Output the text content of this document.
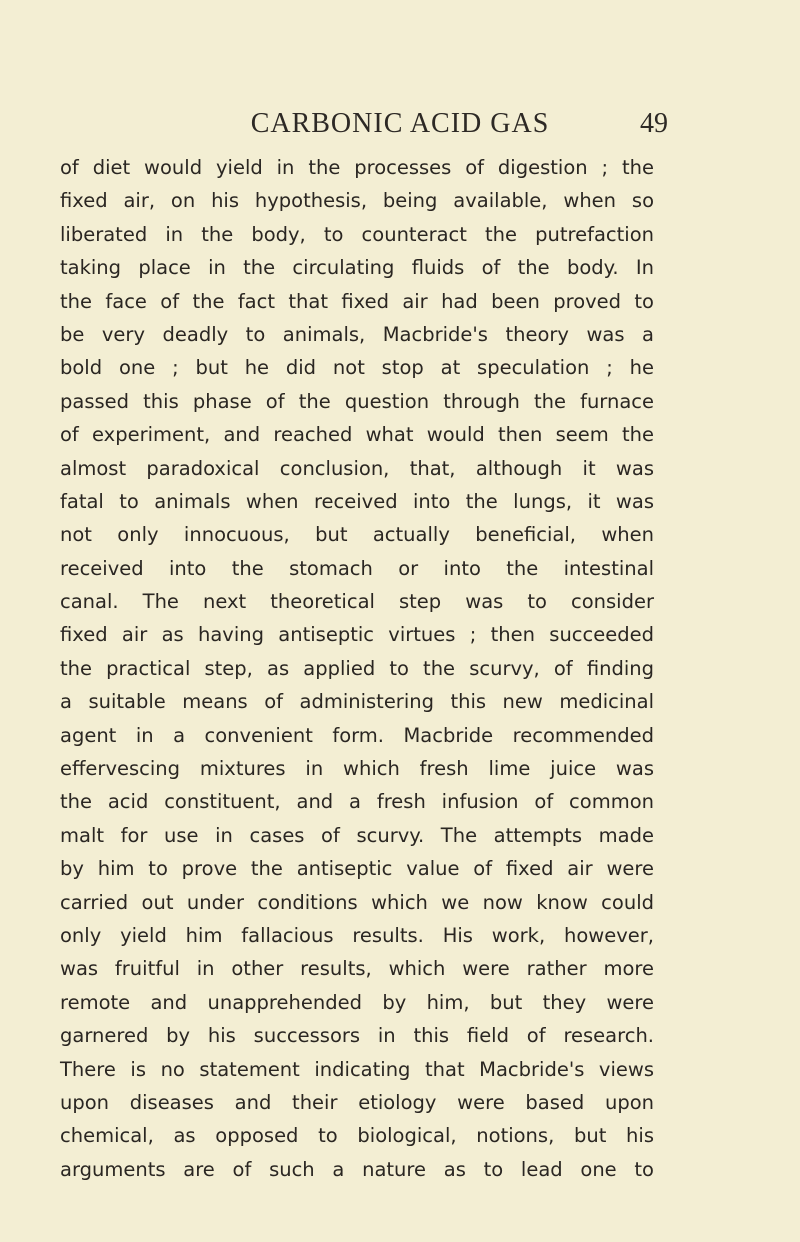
CARBONIC ACID GAS	49
of diet would yield in the processes of digestion ; the
fixed air, on his hypothesis, being available, when so
liberated in the body, to counteract the putrefaction
taking place in the circulating fluids of the body. In
the face of the fact that fixed air had been proved to
be very deadly to animals, Macbride's theory was a
bold one ; but he did not stop at speculation ; he
passed this phase of the question through the furnace
of experiment, and reached what would then seem the
almost paradoxical conclusion, that, although it was
fatal to animals when received into the lungs, it was
not only innocuous, but actually beneficial, when
received into the stomach or into the intestinal
canal. The next theoretical step was to consider
fixed air as having antiseptic virtues ; then succeeded
the practical step, as applied to the scurvy, of finding
a suitable means of administering this new medicinal
agent in a convenient form. Macbride recommended
effervescing mixtures in which fresh lime juice was
the acid constituent, and a fresh infusion of common
malt for use in cases of scurvy. The attempts made
by him to prove the antiseptic value of fixed air were
carried out under conditions which we now know could
only yield him fallacious results. His work, however,
was fruitful in other results, which were rather more
remote and unapprehended by him, but they were
garnered by his successors in this field of research.
There is no statement indicating that Macbride's views
upon diseases and their etiology were based upon
chemical, as opposed to biological, notions, but his
arguments are of such a nature as to lead one to
